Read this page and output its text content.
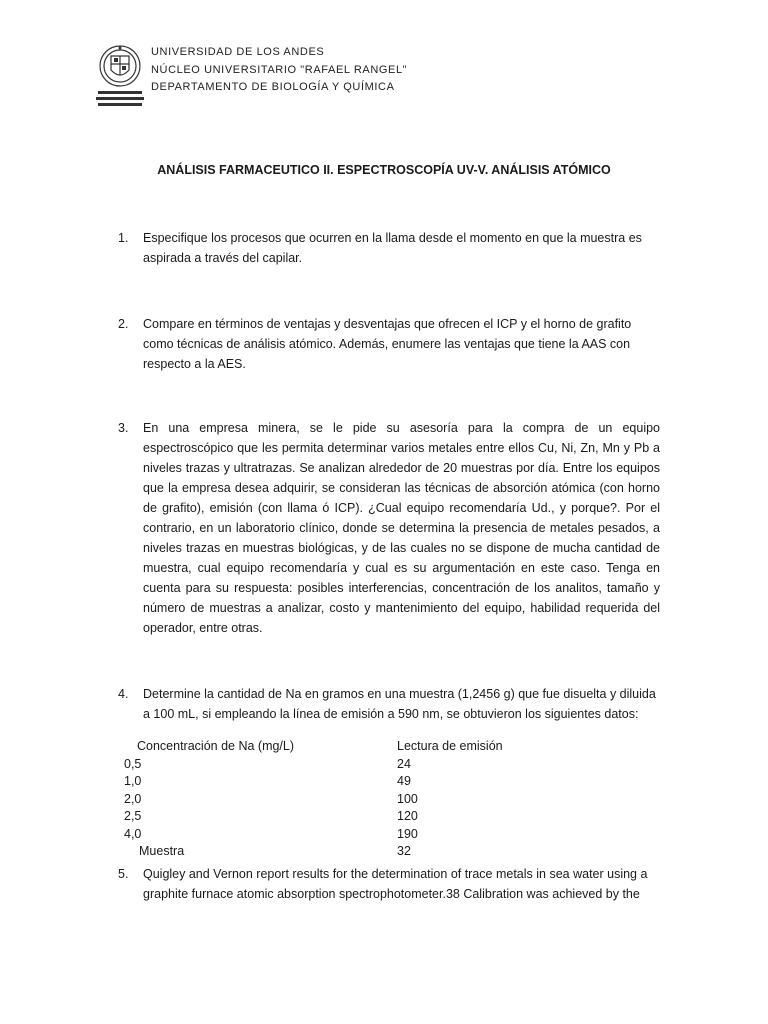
UNIVERSIDAD DE LOS ANDES
NÚCLEO UNIVERSITARIO "RAFAEL RANGEL"
DEPARTAMENTO DE BIOLOGÍA Y QUÍMICA
ANÁLISIS FARMACEUTICO II. ESPECTROSCOPÍA UV-V. ANÁLISIS ATÓMICO
1. Especifique los procesos que ocurren en la llama desde el momento en que la muestra es aspirada a través del capilar.
2. Compare en términos de ventajas y desventajas que ofrecen el ICP y el horno de grafito como técnicas de análisis atómico. Además, enumere las ventajas que tiene la AAS con respecto a la AES.
3. En una empresa minera, se le pide su asesoría para la compra de un equipo espectroscópico que les permita determinar varios metales entre ellos Cu, Ni, Zn, Mn y Pb a niveles trazas y ultratrazas. Se analizan alrededor de 20 muestras por día. Entre los equipos que la empresa desea adquirir, se consideran las técnicas de absorción atómica (con horno de grafito), emisión (con llama ó ICP). ¿Cual equipo recomendaría Ud., y porque?. Por el contrario, en un laboratorio clínico, donde se determina la presencia de metales pesados, a niveles trazas en muestras biológicas, y de las cuales no se dispone de mucha cantidad de muestra, cual equipo recomendaría y cual es su argumentación en este caso. Tenga en cuenta para su respuesta: posibles interferencias, concentración de los analitos, tamaño y número de muestras a analizar, costo y mantenimiento del equipo, habilidad requerida del operador, entre otras.
4. Determine la cantidad de Na en gramos en una muestra (1,2456 g) que fue disuelta y diluida a 100 mL, si empleando la línea de emisión a 590 nm, se obtuvieron los siguientes datos:
Concentración de Na (mg/L)	Lectura de emisión
0,5	24
1,0	49
2,0	100
2,5	120
4,0	190
Muestra	32
5. Quigley and Vernon report results for the determination of trace metals in sea water using a graphite furnace atomic absorption spectrophotometer.38 Calibration was achieved by the
